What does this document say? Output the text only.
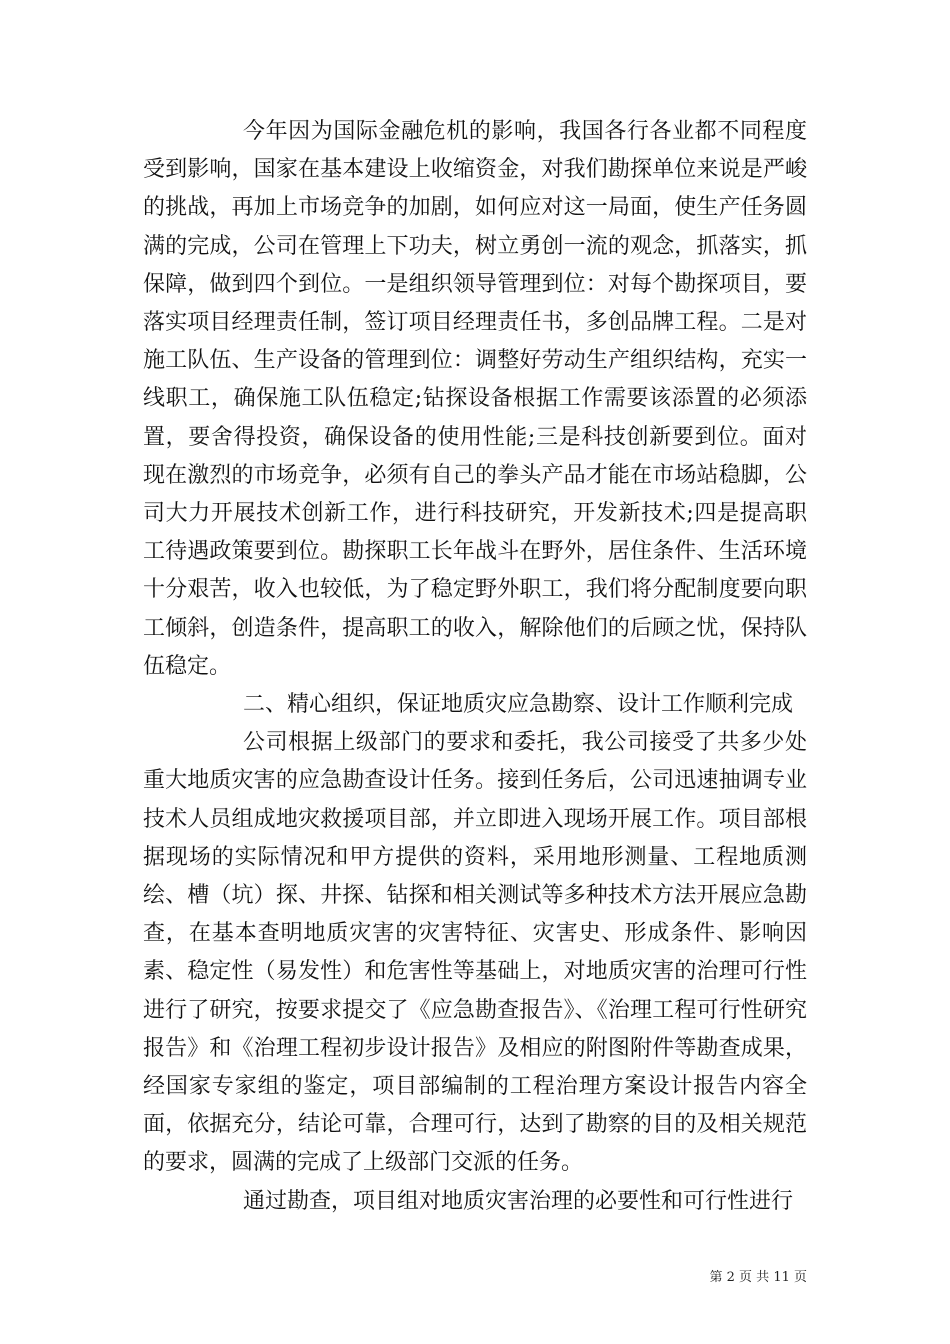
今年因为国际金融危机的影响，我国各行各业都不同程度受到影响，国家在基本建设上收缩资金，对我们勘探单位来说是严峻的挑战，再加上市场竞争的加剧，如何应对这一局面，使生产任务圆满的完成，公司在管理上下功夫，树立勇创一流的观念，抓落实，抓保障，做到四个到位。一是组织领导管理到位：对每个勘探项目，要落实项目经理责任制，签订项目经理责任书，多创品牌工程。二是对施工队伍、生产设备的管理到位：调整好劳动生产组织结构，充实一线职工，确保施工队伍稳定;钻探设备根据工作需要该添置的必须添置，要舍得投资，确保设备的使用性能;三是科技创新要到位。面对现在激烈的市场竞争，必须有自己的拳头产品才能在市场站稳脚，公司大力开展技术创新工作，进行科技研究，开发新技术;四是提高职工待遇政策要到位。勘探职工长年战斗在野外，居住条件、生活环境十分艰苦，收入也较低，为了稳定野外职工，我们将分配制度要向职工倾斜，创造条件，提高职工的收入，解除他们的后顾之忧，保持队伍稳定。

二、精心组织，保证地质灾应急勘察、设计工作顺利完成

公司根据上级部门的要求和委托，我公司接受了共多少处重大地质灾害的应急勘查设计任务。接到任务后，公司迅速抽调专业技术人员组成地灾救援项目部，并立即进入现场开展工作。项目部根据现场的实际情况和甲方提供的资料，采用地形测量、工程地质测绘、槽（坑）探、井探、钻探和相关测试等多种技术方法开展应急勘查，在基本查明地质灾害的灾害特征、灾害史、形成条件、影响因素、稳定性（易发性）和危害性等基础上，对地质灾害的治理可行性进行了研究，按要求提交了《应急勘查报告》、《治理工程可行性研究报告》和《治理工程初步设计报告》及相应的附图附件等勘查成果，经国家专家组的鉴定，项目部编制的工程治理方案设计报告内容全面，依据充分，结论可靠，合理可行，达到了勘察的目的及相关规范的要求，圆满的完成了上级部门交派的任务。

通过勘查，项目组对地质灾害治理的必要性和可行性进行

第 2 页 共 11 页
